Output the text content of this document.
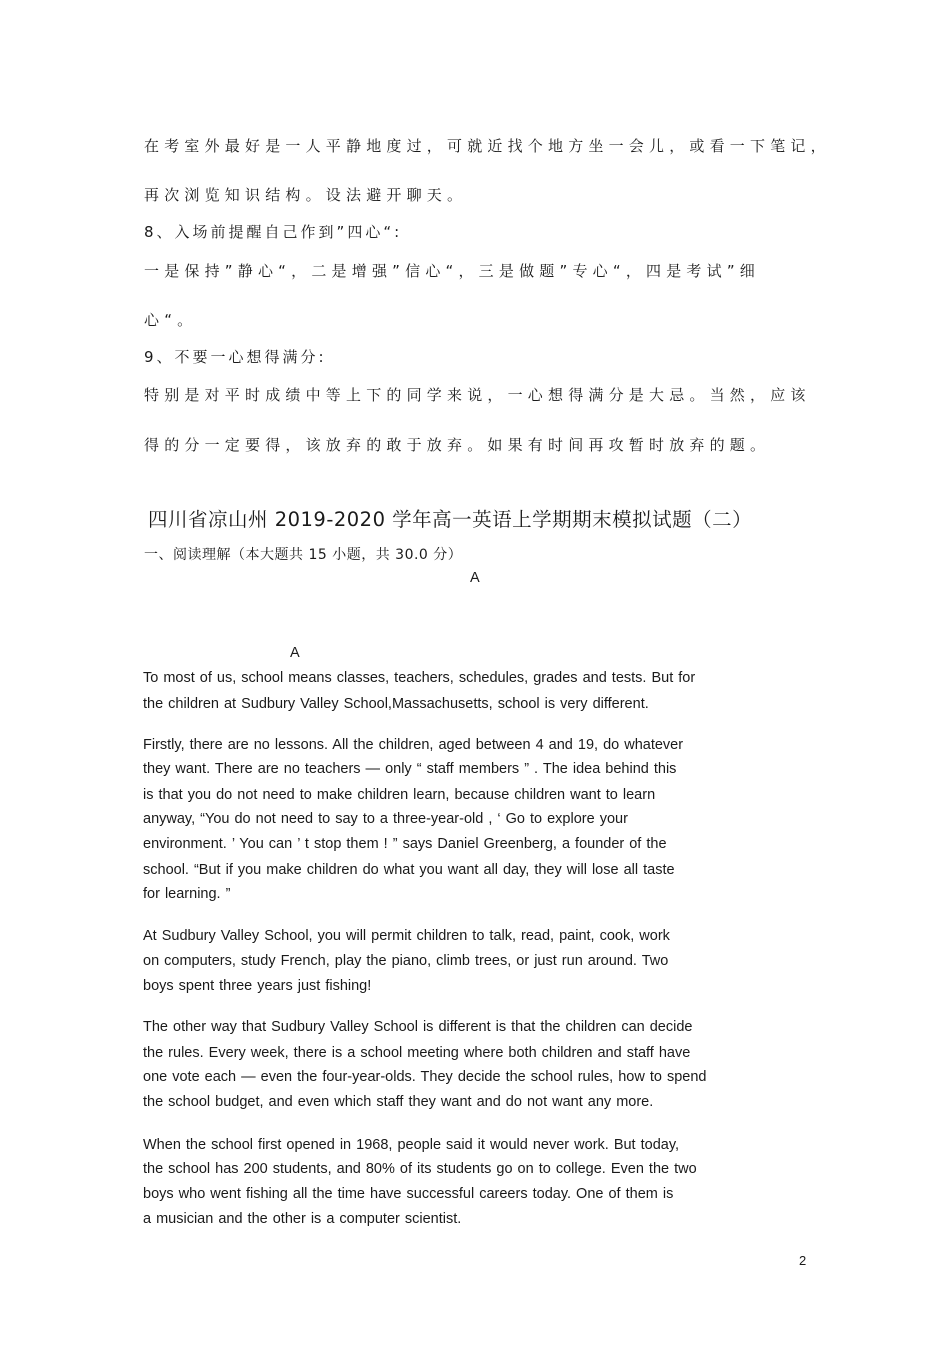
在考室外最好是一人平静地度过，可就近找个地方坐一会儿，或看一下笔记，
再次浏览知识结构。设法避开聊天。
8、入场前提醒自己作到”四心“:
一是保持”静心“，二是增强”信心“，三是做题”专心“，四是考试”细
心“。
9、不要一心想得满分:
特别是对平时成绩中等上下的同学来说，一心想得满分是大忌。当然，应该
得的分一定要得，该放弃的敢于放弃。如果有时间再攻暂时放弃的题。
四川省凉山州 2019-2020 学年高一英语上学期期末模拟试题（二）
一、阅读理解（本大题共 15 小题，共 30.0 分）
A
A
To most of us, school means classes, teachers, schedules, grades and tests. But for
the children at Sudbury Valley School,Massachusetts, school is very different.
Firstly, there are no lessons. All the children, aged between 4 and 19, do whatever
they want. There are no teachers — only “ staff members ” . The idea behind this
is that you do not need to make children learn, because children want to learn
anyway, “You do not need to say to a three-year-old , ‘ Go to explore your
environment. ’ You can ’ t stop them ! ” says Daniel Greenberg, a founder of the
school. “But if you make children do what you want all day, they will lose all taste
for learning. ”
At Sudbury Valley School, you will permit children to talk, read, paint, cook, work
on computers, study French, play the piano, climb trees, or just run around. Two
boys spent three years just fishing!
The other way that Sudbury Valley School is different is that the children can decide
the rules. Every week, there is a school meeting where both children and staff have
one vote each — even the four-year-olds. They decide the school rules, how to spend
the school budget, and even which staff they want and do not want any more.
When the school first opened in 1968, people said it would never work. But today,
the school has 200 students, and 80% of its students go on to college. Even the two
boys who went fishing all the time have successful careers today. One of them is
a musician and the other is a computer scientist.
2
